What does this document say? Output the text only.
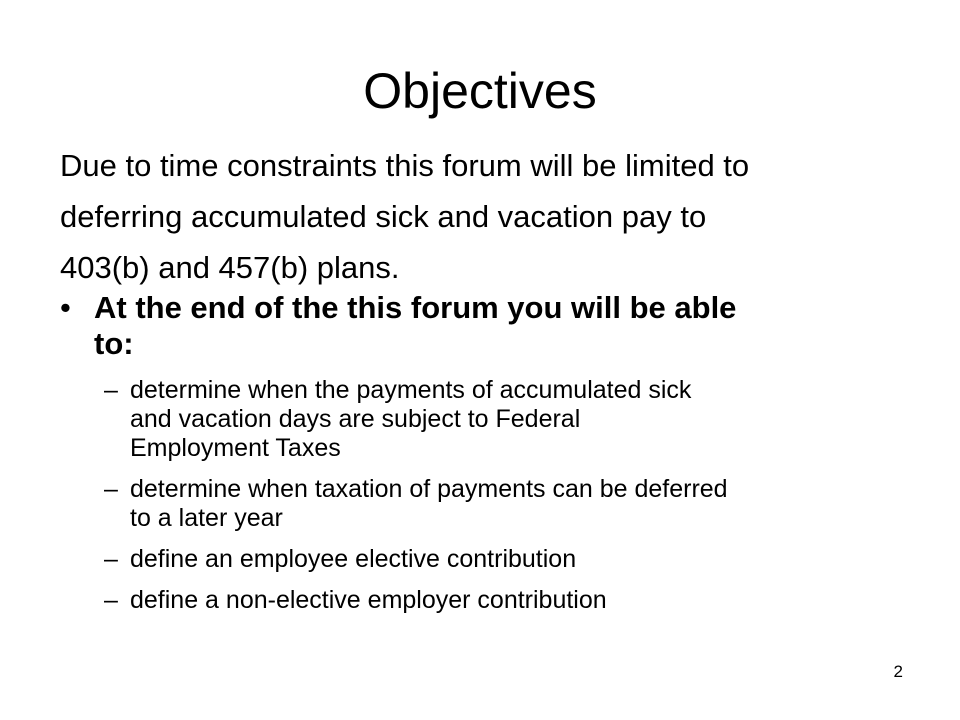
Objectives
Due to time constraints this forum will be limited to
deferring accumulated sick and vacation pay to
403(b) and 457(b) plans.
• At the end of the this forum you will be able
to:
– determine when the payments of accumulated sick
and vacation days are subject to Federal
Employment Taxes
– determine when taxation of payments can be deferred
to a later year
– define an employee elective contribution
– define a non-elective employer contribution
2
